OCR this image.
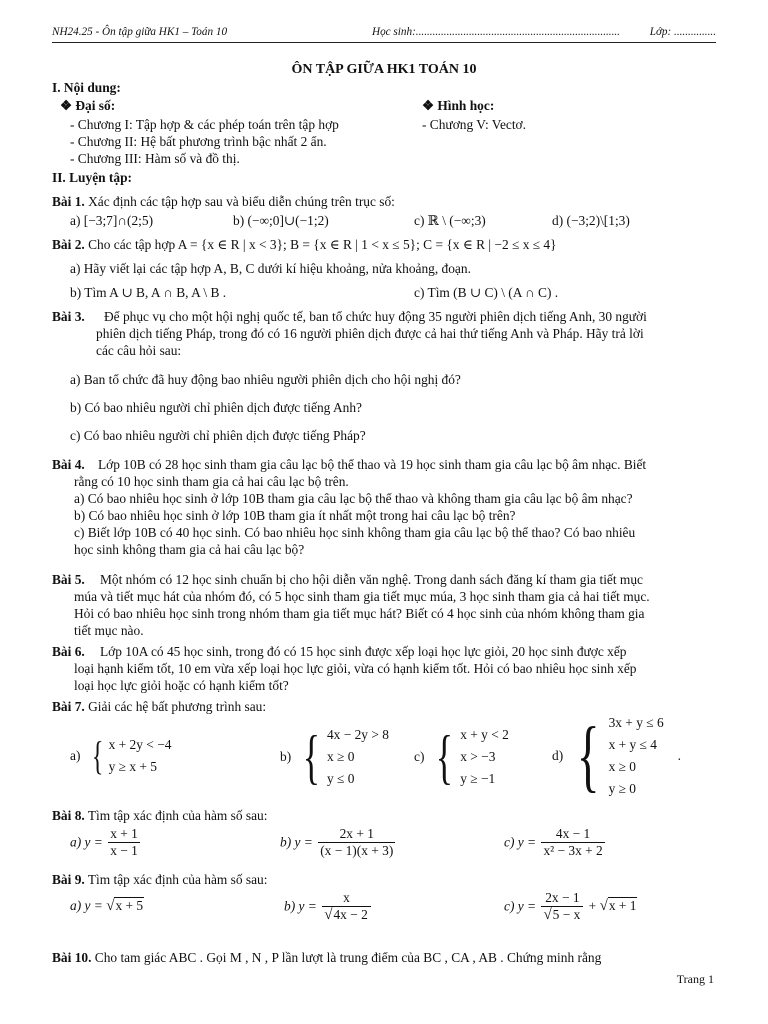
NH24.25 - Ôn tập giữa HK1 – Toán 10	Học sinh:.........................................................................	Lớp: ...............
ÔN TẬP GIỮA HK1 TOÁN 10
I. Nội dung:
❖ Đại số:	❖ Hình học:
- Chương I: Tập hợp & các phép toán trên tập hợp	- Chương V: Vectơ.
- Chương II: Hệ bất phương trình bậc nhất 2 ẩn.
- Chương III: Hàm số và đồ thị.
II. Luyện tập:
Bài 1. Xác định các tập hợp sau và biểu diễn chúng trên trục số:
a) [−3;7]∩(2;5)	b) (−∞;0]∪(−1;2)	c) ℝ \ (−∞;3)	d) (−3;2)\[1;3)
Bài 2. Cho các tập hợp A = {x ∈ R | x < 3}; B = {x ∈ R | 1 < x ≤ 5}; C = {x ∈ R | −2 ≤ x ≤ 4}
a) Hãy viết lại các tập hợp A, B, C dưới kí hiệu khoảng, nửa khoảng, đoạn.
b) Tìm A ∪ B, A ∩ B, A \ B .	c) Tìm (B ∪ C) \ (A ∩ C) .
Bài 3. Để phục vụ cho một hội nghị quốc tế, ban tổ chức huy động 35 người phiên dịch tiếng Anh, 30 người
phiên dịch tiếng Pháp, trong đó có 16 người phiên dịch được cả hai thứ tiếng Anh và Pháp. Hãy trả lời
các câu hỏi sau:
a) Ban tổ chức đã huy động bao nhiêu người phiên dịch cho hội nghị đó?
b) Có bao nhiêu người chỉ phiên dịch được tiếng Anh?
c) Có bao nhiêu người chỉ phiên dịch được tiếng Pháp?
Bài 4. Lớp 10B có 28 học sinh tham gia câu lạc bộ thể thao và 19 học sinh tham gia câu lạc bộ âm nhạc. Biết
rằng có 10 học sinh tham gia cả hai câu lạc bộ trên.
a) Có bao nhiêu học sinh ở lớp 10B tham gia câu lạc bộ thể thao và không tham gia câu lạc bộ âm nhạc?
b) Có bao nhiêu học sinh ở lớp 10B tham gia ít nhất một trong hai câu lạc bộ trên?
c) Biết lớp 10B có 40 học sinh. Có bao nhiêu học sinh không tham gia câu lạc bộ thể thao? Có bao nhiêu
học sinh không tham gia cả hai câu lạc bộ?
Bài 5. Một nhóm có 12 học sinh chuẩn bị cho hội diễn văn nghệ. Trong danh sách đăng kí tham gia tiết mục
múa và tiết mục hát của nhóm đó, có 5 học sinh tham gia tiết mục múa, 3 học sinh tham gia cả hai tiết mục.
Hỏi có bao nhiêu học sinh trong nhóm tham gia tiết mục hát? Biết có 4 học sinh của nhóm không tham gia
tiết mục nào.
Bài 6. Lớp 10A có 45 học sinh, trong đó có 15 học sinh được xếp loại học lực giỏi, 20 học sinh được xếp
loại hạnh kiểm tốt, 10 em vừa xếp loại học lực giỏi, vừa có hạnh kiểm tốt. Hỏi có bao nhiêu học sinh xếp
loại học lực giỏi hoặc có hạnh kiểm tốt?
Bài 7. Giải các hệ bất phương trình sau:
a) { x + 2y < −4
y ≥ x + 5
b) { 4x − 2y > 8
x ≥ 0
y ≤ 0
c) { x + y < 2
x > −3
y ≥ −1
d) { 3x + y ≤ 6
x + y ≤ 4
x ≥ 0
y ≥ 0
.
Bài 8. Tìm tập xác định của hàm số sau:
a) $y = \frac{x + 1}{x - 1}$	b) $y = \frac{2x + 1}{(x - 1)(x + 3)}$	c) $y = \frac{4x - 1}{\text{x² − 3x + 2}}$
Bài 9. Tìm tập xác định của hàm số sau:
a) y = √x + 5	b) $y = \frac{x}{√4x - 2}$	c) $y = \frac{2x - 1}{√5 - x} + √x + 1$
Bài 10. Cho tam giác ABC . Gọi M , N , P lần lượt là trung điểm của BC , CA , AB . Chứng minh rằng
Trang 1
